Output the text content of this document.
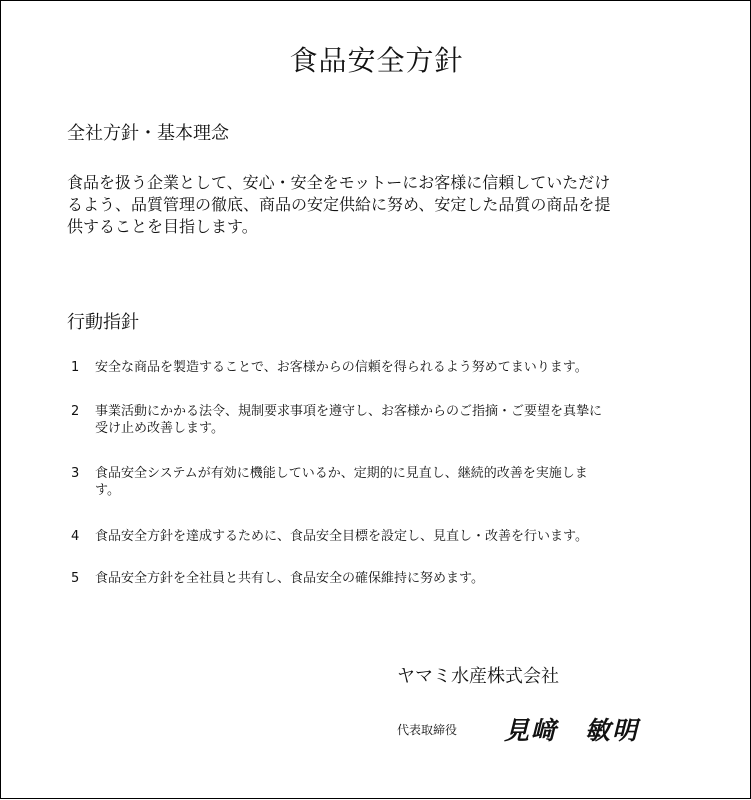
食品安全方針
全社方針・基本理念
食品を扱う企業として、安心・安全をモットーにお客様に信頼していただけ
るよう、品質管理の徹底、商品の安定供給に努め、安定した品質の商品を提
供することを目指します。
行動指針
1	安全な商品を製造することで、お客様からの信頼を得られるよう努めてまいります。
2	事業活動にかかる法令、規制要求事項を遵守し、お客様からのご指摘・ご要望を真摯に
受け止め改善します。
3	食品安全システムが有効に機能しているか、定期的に見直し、継続的改善を実施しま
す。
4	食品安全方針を達成するために、食品安全目標を設定し、見直し・改善を行います。
5	食品安全方針を全社員と共有し、食品安全の確保維持に努めます。
ヤマミ水産株式会社
代表取締役 見﨑　敏明
